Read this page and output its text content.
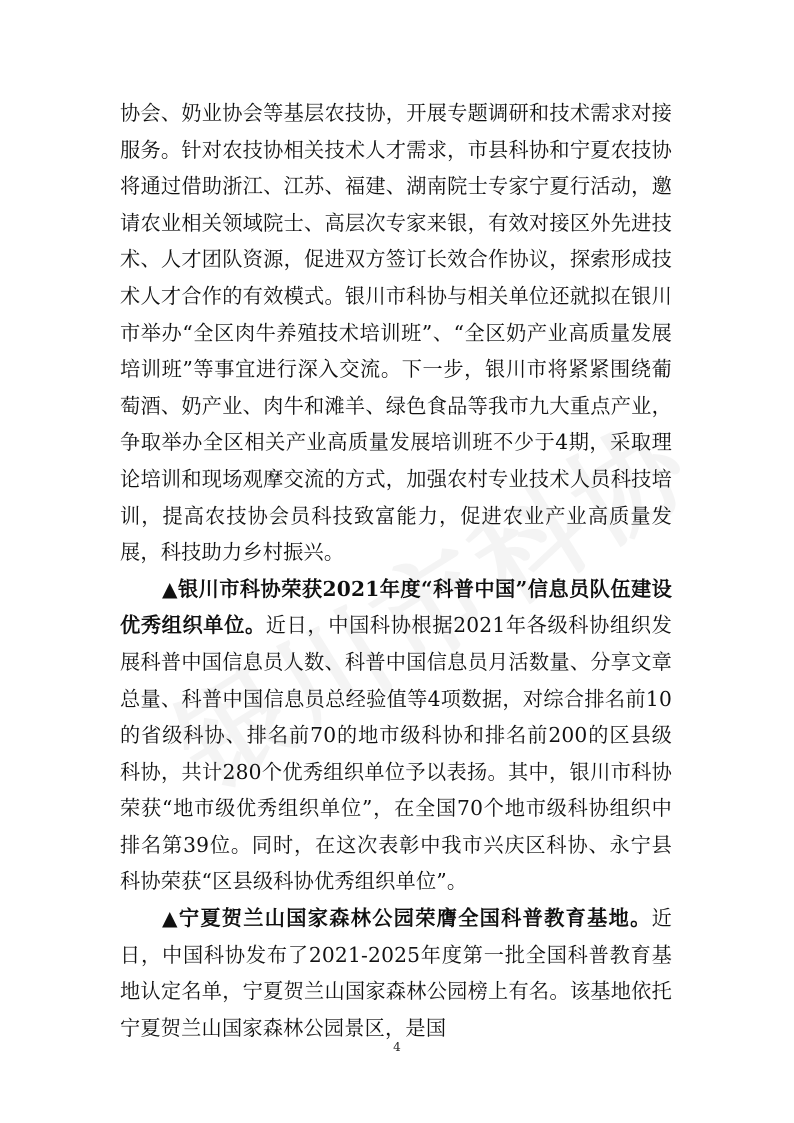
协会、奶业协会等基层农技协，开展专题调研和技术需求对接服务。针对农技协相关技术人才需求，市县科协和宁夏农技协将通过借助浙江、江苏、福建、湖南院士专家宁夏行活动，邀请农业相关领域院士、高层次专家来银，有效对接区外先进技术、人才团队资源，促进双方签订长效合作协议，探索形成技术人才合作的有效模式。银川市科协与相关单位还就拟在银川市举办“全区肉牛养殖技术培训班”、“全区奶产业高质量发展培训班”等事宜进行深入交流。下一步，银川市将紧紧围绕葡萄酒、奶产业、肉牛和滩羊、绿色食品等我市九大重点产业，争取举办全区相关产业高质量发展培训班不少于4期，采取理论培训和现场观摩交流的方式，加强农村专业技术人员科技培训，提高农技协会员科技致富能力，促进农业产业高质量发展，科技助力乡村振兴。

▲银川市科协荣获2021年度“科普中国”信息员队伍建设优秀组织单位。近日，中国科协根据2021年各级科协组织发展科普中国信息员人数、科普中国信息员月活数量、分享文章总量、科普中国信息员总经验值等4项数据，对综合排名前10的省级科协、排名前70的地市级科协和排名前200的区县级科协，共计280个优秀组织单位予以表扬。其中，银川市科协荣获“地市级优秀组织单位”，在全国70个地市级科协组织中排名第39位。同时，在这次表彰中我市兴庆区科协、永宁县科协荣获“区县级科协优秀组织单位”。

▲宁夏贺兰山国家森林公园荣膺全国科普教育基地。近日，中国科协发布了2021-2025年度第一批全国科普教育基地认定名单，宁夏贺兰山国家森林公园榜上有名。该基地依托宁夏贺兰山国家森林公园景区，是国

4
